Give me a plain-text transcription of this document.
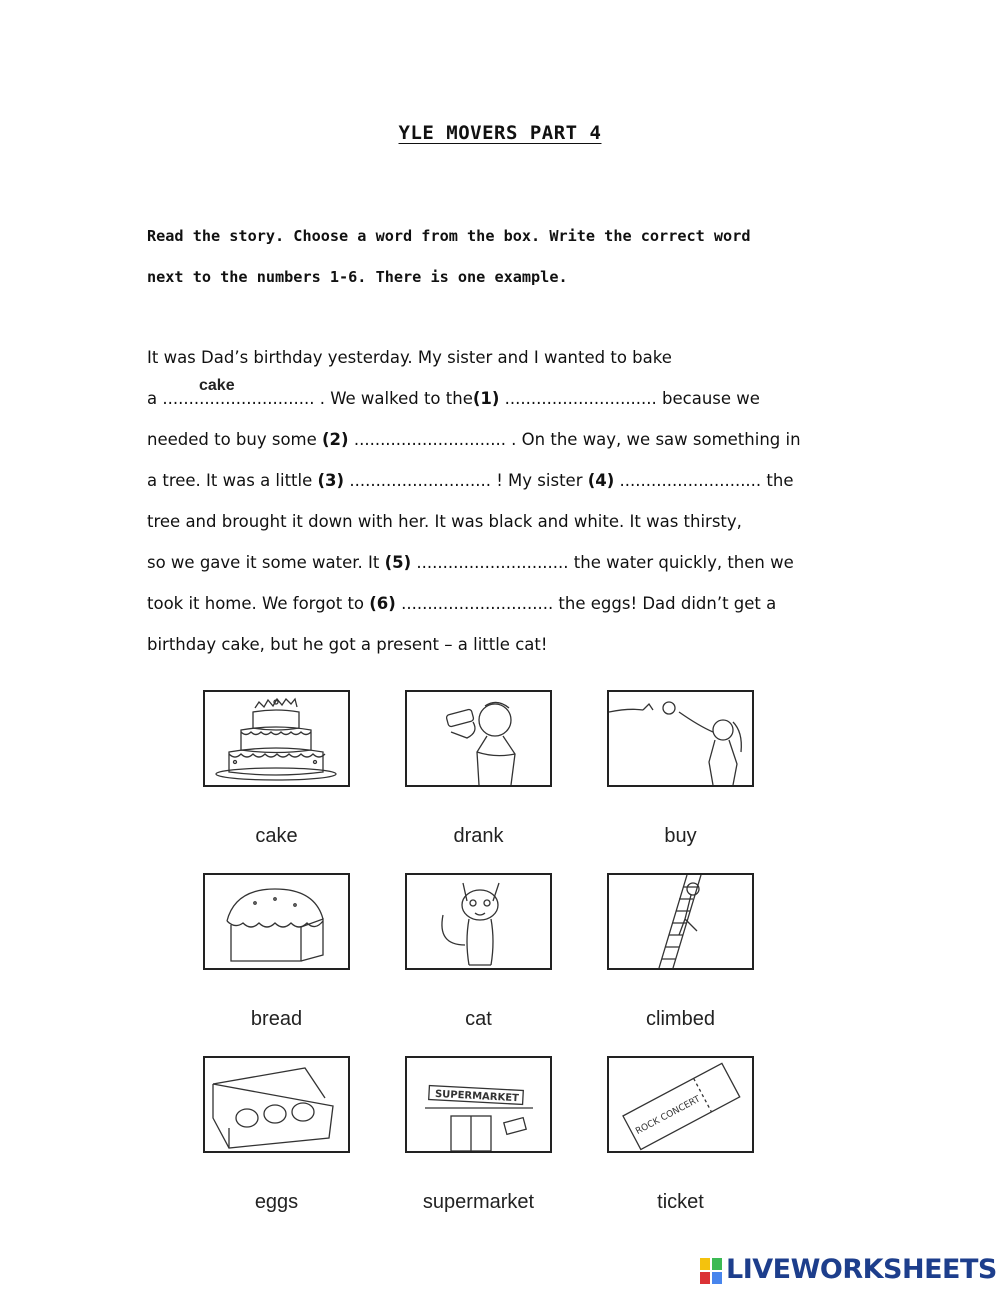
YLE MOVERS PART 4
Read the story. Choose a word from the box. Write the correct word
next to the numbers 1-6. There is one example.
It was Dad’s birthday yesterday. My sister and I wanted to bake
a ............................. . We walked to the
cake
(1) ............................. because we
needed to buy some (2) ............................. . On the way, we saw something in
a tree. It was a little (3) ........................... ! My sister (4) ........................... the
tree and brought it down with her. It was black and white. It was thirsty,
so we gave it some water. It (5) ............................. the water quickly, then we
took it home. We forgot to (6) ............................. the eggs! Dad didn’t get a
birthday cake, but he got a present – a little cat!
cake	drank	buy
bread	cat	climbed
eggs
SUPERMARKET
supermarket
ROCK CONCERT
ticket
LIVEWORKSHEETS
